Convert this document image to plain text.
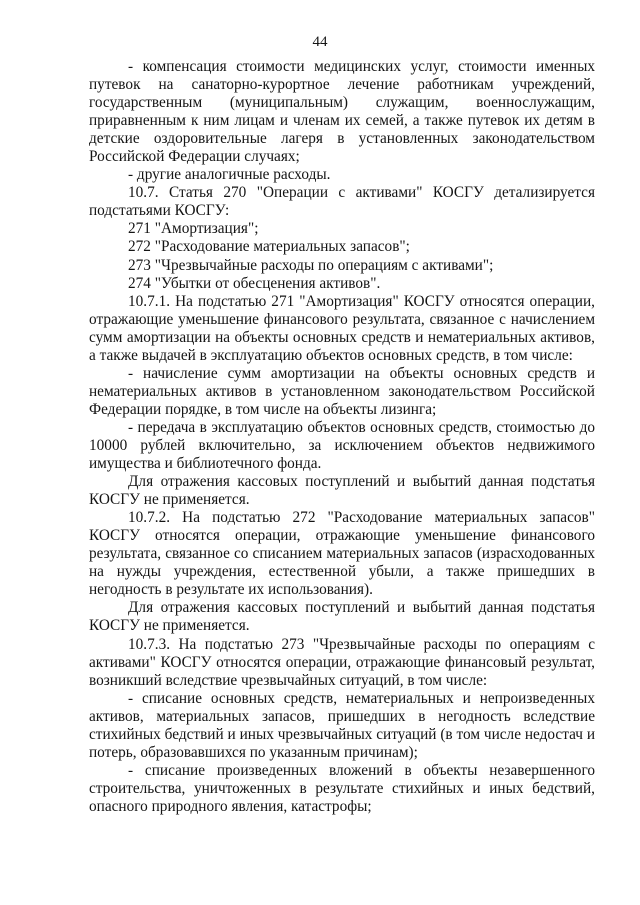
44

- компенсация стоимости медицинских услуг, стоимости именных путевок на санаторно-курортное лечение работникам учреждений, государственным (муниципальным) служащим, военнослужащим, приравненным к ним лицам и членам их семей, а также путевок их детям в детские оздоровительные лагеря в установленных законодательством Российской Федерации случаях;

- другие аналогичные расходы.

10.7. Статья 270 "Операции с активами" КОСГУ детализируется подстатьями КОСГУ:

271 "Амортизация";

272 "Расходование материальных запасов";

273 "Чрезвычайные расходы по операциям с активами";

274 "Убытки от обесценения активов".

10.7.1. На подстатью 271 "Амортизация" КОСГУ относятся операции, отражающие уменьшение финансового результата, связанное с начислением сумм амортизации на объекты основных средств и нематериальных активов, а также выдачей в эксплуатацию объектов основных средств, в том числе:

- начисление сумм амортизации на объекты основных средств и нематериальных активов в установленном законодательством Российской Федерации порядке, в том числе на объекты лизинга;

- передача в эксплуатацию объектов основных средств, стоимостью до 10000 рублей включительно, за исключением объектов недвижимого имущества и библиотечного фонда.

Для отражения кассовых поступлений и выбытий данная подстатья КОСГУ не применяется.

10.7.2. На подстатью 272 "Расходование материальных запасов" КОСГУ относятся операции, отражающие уменьшение финансового результата, связанное со списанием материальных запасов (израсходованных на нужды учреждения, естественной убыли, а также пришедших в негодность в результате их использования).

Для отражения кассовых поступлений и выбытий данная подстатья КОСГУ не применяется.

10.7.3. На подстатью 273 "Чрезвычайные расходы по операциям с активами" КОСГУ относятся операции, отражающие финансовый результат, возникший вследствие чрезвычайных ситуаций, в том числе:

- списание основных средств, нематериальных и непроизведенных активов, материальных запасов, пришедших в негодность вследствие стихийных бедствий и иных чрезвычайных ситуаций (в том числе недостач и потерь, образовавшихся по указанным причинам);

- списание произведенных вложений в объекты незавершенного строительства, уничтоженных в результате стихийных и иных бедствий, опасного природного явления, катастрофы;
